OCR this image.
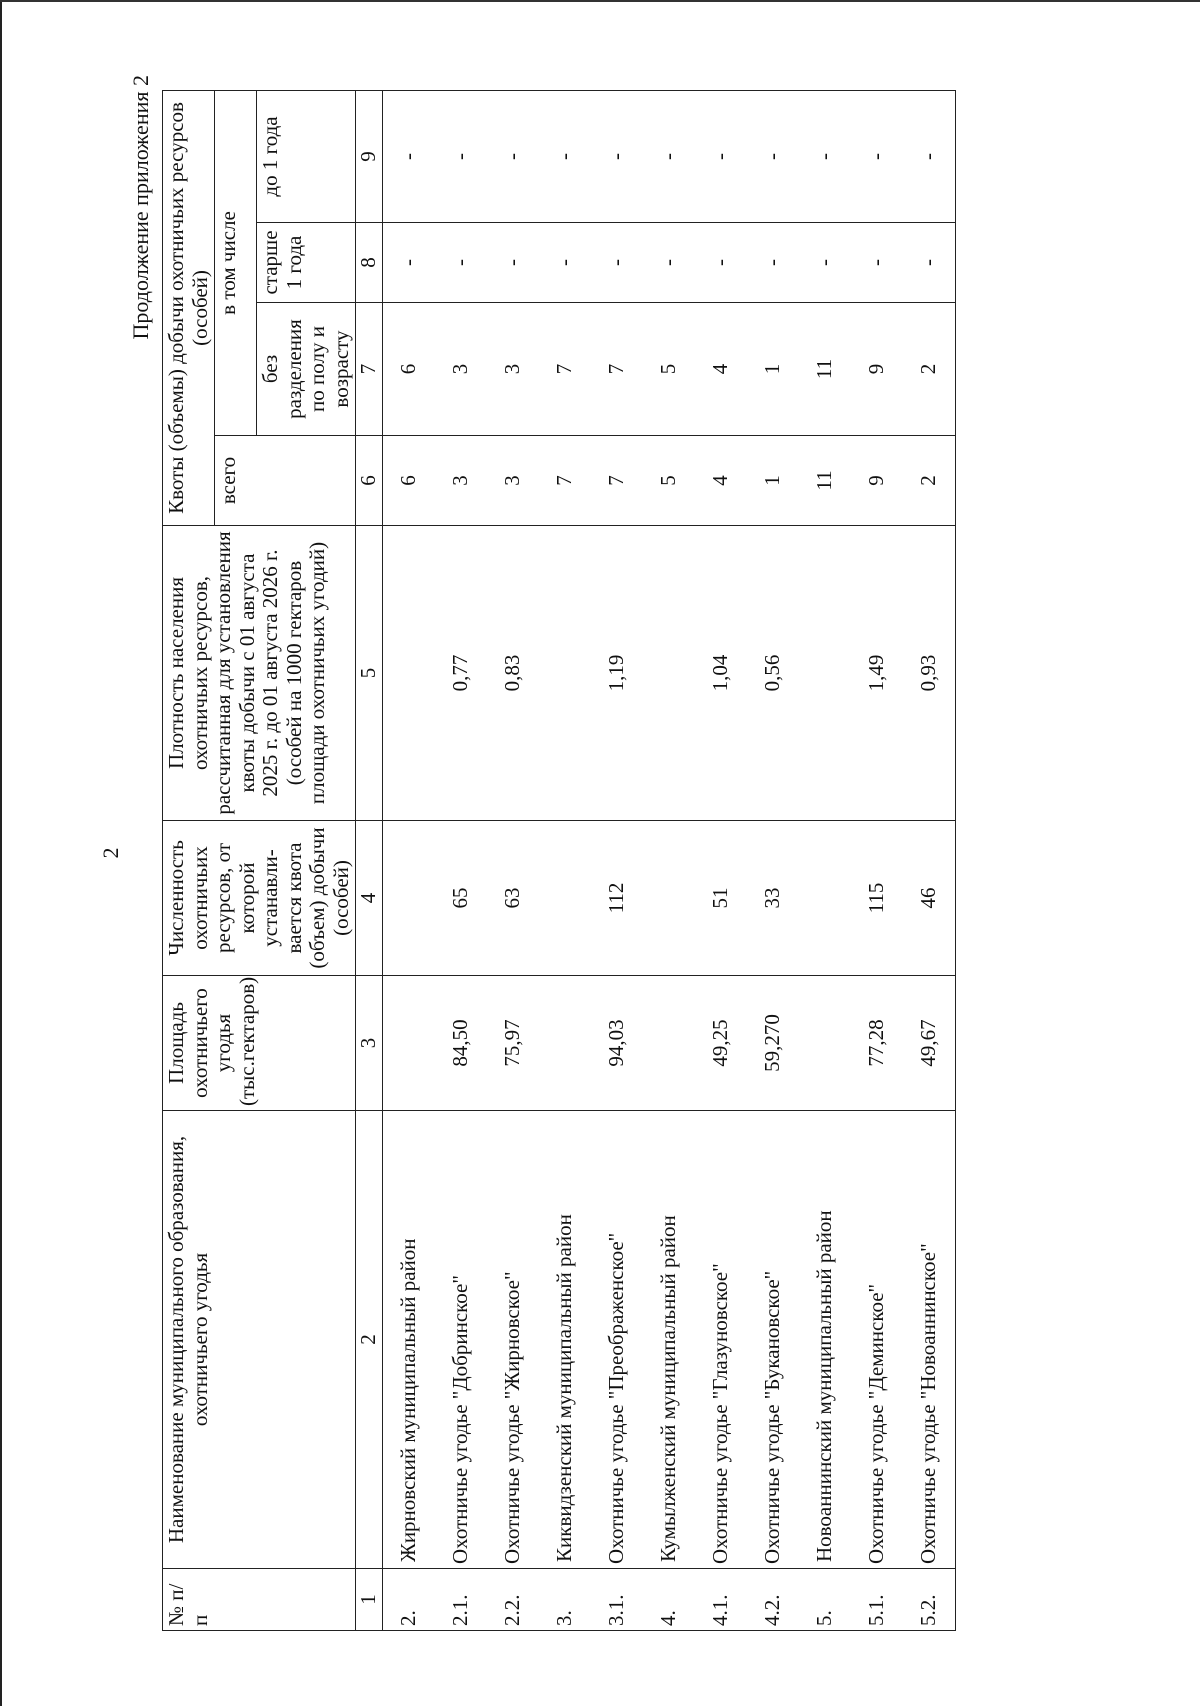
2
Продолжение приложения 2
№ п/п	Наименование муниципального образования, охотничьего угодья	Площадь охотничьего угодья (тыс.гектаров)	Численность охотничьих ресурсов, от которой устанавли-вается квота (объем) добычи (особей)	Плотность населения охотничьих ресурсов, рассчитанная для установления квоты добычи с 01 августа 2025 г. до 01 августа 2026 г. (особей на 1000 гектаров площади охотничьих угодий)	Квоты (объемы) добычи охотничьих ресурсов (особей)			
					всего	в том числе		
						без разделения по полу и возрасту	старше 1 года	до 1 года
1	2	3	4	5	6	7	8	9
2.	Жирновский муниципальный район				6	6	-	-
2.1.	Охотничье угодье "Добринское"	84,50	65	0,77	3	3	-	-
2.2.	Охотничье угодье "Жирновское"	75,97	63	0,83	3	3	-	-
3.	Киквидзенский муниципальный район				7	7	-	-
3.1.	Охотничье угодье "Преображенское"	94,03	112	1,19	7	7	-	-
4.	Кумылженский муниципальный район				5	5	-	-
4.1.	Охотничье угодье "Глазуновское"	49,25	51	1,04	4	4	-	-
4.2.	Охотничье угодье "Букановское"	59,270	33	0,56	1	1	-	-
5.	Новоаннинский муниципальный район				11	11	-	-
5.1.	Охотничье угодье "Деминское"	77,28	115	1,49	9	9	-	-
5.2.	Охотничье угодье "Новоаннинское"	49,67	46	0,93	2	2	-	-
